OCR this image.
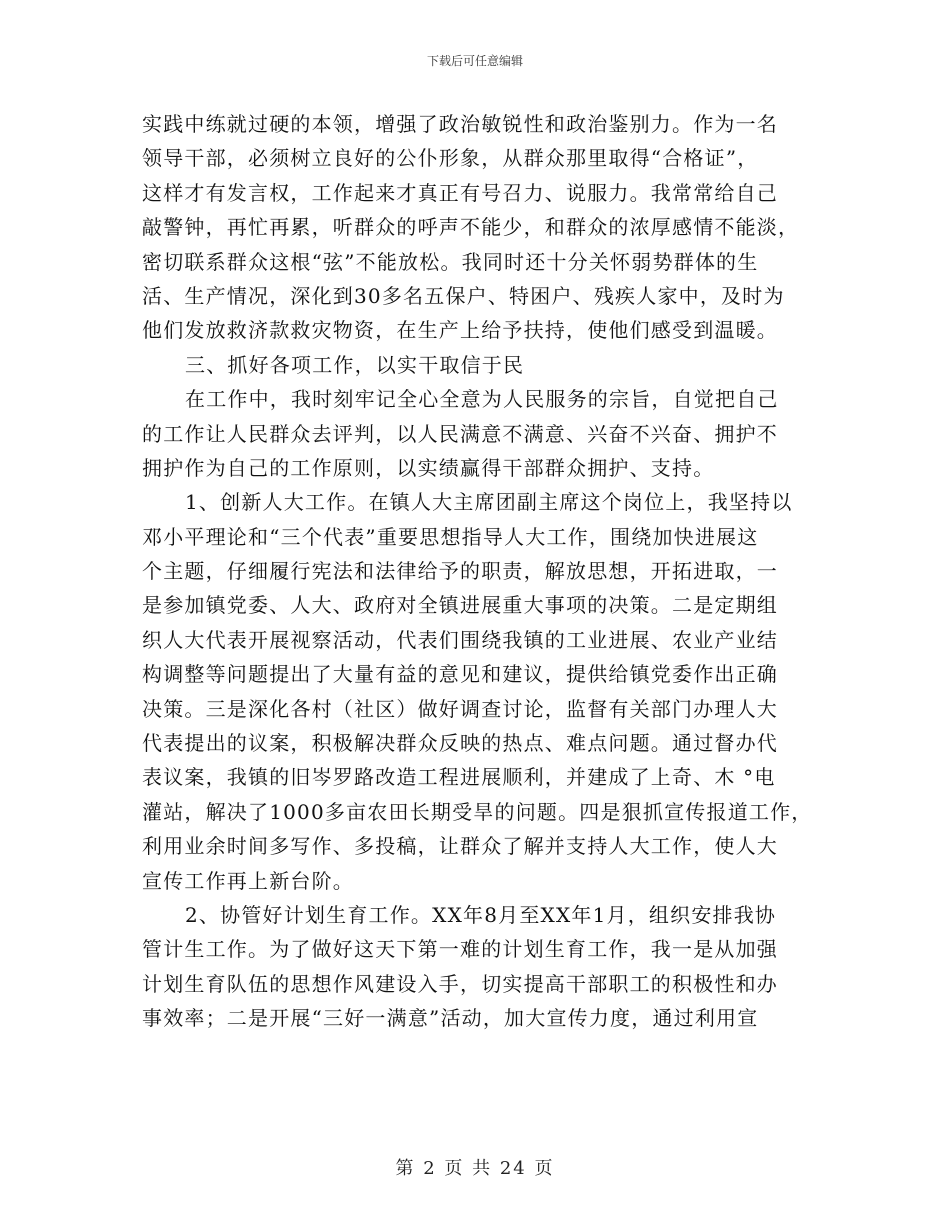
下载后可任意编辑
实践中练就过硬的本领，增强了政治敏锐性和政治鉴别力。作为一名
领导干部，必须树立良好的公仆形象，从群众那里取得“合格证”，
这样才有发言权，工作起来才真正有号召力、说服力。我常常给自己
敲警钟，再忙再累，听群众的呼声不能少，和群众的浓厚感情不能淡，
密切联系群众这根“弦”不能放松。我同时还十分关怀弱势群体的生
活、生产情况，深化到30多名五保户、特困户、残疾人家中，及时为
他们发放救济款救灾物资，在生产上给予扶持，使他们感受到温暖。
三、抓好各项工作，以实干取信于民
在工作中，我时刻牢记全心全意为人民服务的宗旨，自觉把自己
的工作让人民群众去评判，以人民满意不满意、兴奋不兴奋、拥护不
拥护作为自己的工作原则，以实绩赢得干部群众拥护、支持。
1、创新人大工作。在镇人大主席团副主席这个岗位上，我坚持以
邓小平理论和“三个代表”重要思想指导人大工作，围绕加快进展这
个主题，仔细履行宪法和法律给予的职责，解放思想，开拓进取，一
是参加镇党委、人大、政府对全镇进展重大事项的决策。二是定期组
织人大代表开展视察活动，代表们围绕我镇的工业进展、农业产业结
构调整等问题提出了大量有益的意见和建议，提供给镇党委作出正确
决策。三是深化各村（社区）做好调查讨论，监督有关部门办理人大
代表提出的议案，积极解决群众反映的热点、难点问题。通过督办代
表议案，我镇的旧岑罗路改造工程进展顺利，并建成了上奇、木 °电
灌站，解决了1000多亩农田长期受旱的问题。四是狠抓宣传报道工作，
利用业余时间多写作、多投稿，让群众了解并支持人大工作，使人大
宣传工作再上新台阶。
2、协管好计划生育工作。XX年8月至XX年1月，组织安排我协
管计生工作。为了做好这天下第一难的计划生育工作，我一是从加强
计划生育队伍的思想作风建设入手，切实提高干部职工的积极性和办
事效率；二是开展“三好一满意”活动，加大宣传力度，通过利用宣
第 2 页 共 24 页
